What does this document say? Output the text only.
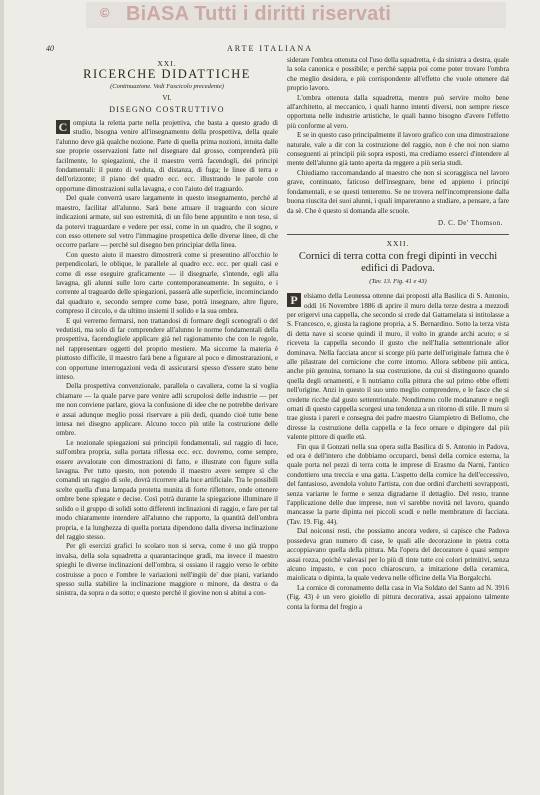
© BiASA Tutti i diritti riservati
40	ARTE ITALIANA
XXI.
RICERCHE DIDATTICHE
(Continuazione. Vedi Fascicolo precedente)
VI.
DISEGNO COSTRUTTIVO

C ompiuta la reletta parte nella projettiva, che basta a questo grado di studio, bisogna venire all'insegnamento della prospettiva, della quale l'alunno deve già qualche nozione. Parte di quella prima nozioni, intuita dalle sue proprie osservazioni fatte nel disegnare dal grosso, comprenderà più facilmente, lo spiegazioni, che il maestro verrà facendogli, dei principi fondamentali: il punto di veduta, di distanza, di fuga; le linee di terra e dell'orizzonte; il piano del quadro ecc. ecc. illustrando le parole con opportune dimostrazioni sulla lavagna, e con l'aiuto del traguardo.

Del quale converrà usare largamente in questo insegnamento, perché al maestro, facilitar all'alunno. Sarà bene attuare il traguardo con sicure indicazioni armate, sul suo estremità, di un filo bene appuntito e non teso, sì da potervi traguardare e vedere per essi, come in un quadro, che il sogno, e con esso ottenere sul vetro l'immagine prospettica delle diverse linee, di che occorre parlare — perchè sul disegno ben principiar della linea.

Con questo aiuto il maestro dimostrerà come si presentino all'occhio le perpendicolari, le oblique, le parallele al quadro ecc. ecc. per quali casi e come di esse eseguire graficamente — il disegnarle, s'intende, egli alla lavagna, gli alunni sulle loro carte contemporaneamente. In seguito, e i corrente al traguardo delle spiegazioni, passerà alle superficie, incominciando dal quadrato e, secondo sempre come base, potrà insegnare, altre figure, compreso il circolo, e da ultimo insiemi il solido e la sua ombra.

E qui verremo fermarsi, non trattandosi di formare degli scenografi o del vedutisti, ma solo di far comprendere all'alunno le norme fondamentali della prospettiva, facendogliele applicare già nel ragionamento che con le regole, nel rappresentare oggetti del proprio mestiere. Ma siccome la materia è piuttosto difficile, il maestro farà bene a figurare al poco e dimostrarazioni, e con opportune interrogazioni veda di assicurarsi spesso d'essere stato bene inteso.

Della prospettiva convenzionale, parallela o cavaliera, come la si voglia chiamare — la quale parve pare venire adli scrupolosi delle industrie — per me non conviene parlare, giova la confusione di idee che ne potrebbe derivare e assai adunque meglio possi riservare a più dedi, quando cioè tutte bene intesa nei disegno applicare. Alcuno tocco più utile la costruzione delle ombre.

Le nozionale spiegazioni sui principii fondamentali, sul raggio di luce, sull'ombra propria, sulla portata riflessa ecc. ecc. dovremo, come sempre, essere avvalorate con dimostrazioni di fatto, e illustrate con figure sulla lavagna. Per tutto questo, non potendo il maestro avere sempre sì che comandi un raggio di sole, dovrà ricorrere alla luce artificiale. Tra le possibili scelte quella d'una lampada protetta munita di forte riflettore, onde ottenere ombre bene spiegate e decise. Così potrà durante la spiegazione illuminare il solido o il gruppo di solidi sotto differenti inclinazioni di raggio, e fare per tal modo chiaramente intendere all'alunno che rapporto, la quantità dell'ombra propria, e la lunghezza di quella portata dipendono dalla diversa inclinazione del raggio stesso.

Per gli esercizi grafici lo scolaro non si serva, come è uso già troppo invalsa, della sola squadretta a quarantacinque gradi, ma invece il maestro spieghi le diverse inclinazioni dell'ombra, si ossiano il raggio verso le orbite costruisse a poco e l'ombre le variazioni nell'ingiù de' due piani, variando spesso sulla stabilire la inclinazione maggiore o minore, da destra o da sinistra, da sopra o da sotto; e questo perchè il giovine non si abitui a con-

siderare l'ombra ottenuta col l'uso della squadretta, è da sinistra a destra, quale la sola canonica e possibile; e perchè sappia poi come poter trovare l'ombra che meglio desidera, e più corrispondente all'effetto che vuole ottenere dal proprio lavoro.

L'ombra ottenuta dalla squadretta, mentre può servire molto bene all'architetto, al meccanico, i quali hanno intenti diversi, non sempre riesce opportuna nelle industrie artistiche, le quali hanno bisogno d'avere l'effetto più conforme al vero.

E se in questo caso principalmente il lavoro grafico con una dimostrazione naturale, vale a dir con la costruzione del raggio, non è che noi non siamo conseguenti ai principii più sopra esposti, ma crediamo esserci d'intendere al mente dell'alunno già tanto aperta da reggere a più seria studi.

Chiudiamo raccomandando al maestro che non si scoraggisca nel lavoro grave, continuato, faticoso dell'insegnare, bene ed appieno i principi fondamentali, e se questi tenteremo. Se ne trovera nell'incomprensione dalla buona riuscita dei suoi alunni, i quali impareranno a studiare, a pensare, a fare da sè. Che è questo si domanda alle scuole.

D. C. De' Thomson.
XXII.
Cornici di terra cotta con fregi dipinti in vecchi edifici di Padova.
(Tav. 13. Fig. 41 e 43)

P elsiamo della Leonessa ottenne dai proposti alla Basilica di S. Antonio, oddì 16 Novembre 1886 di aprire il muro della terze destra a mezzodì per erigervi una cappella, che secondo si crede dal Gattamelata si intitolasse a S. Francesco, e, giusta la ragione propria, a S. Bernardino. Sotto la terza vista di detta nave si scorse quindi il muro, il volto in grande archi acuto; e si riceveta la cappella secondo il gusto che nell'Italia settentrionale allor dominava. Nella facciata ancor si scorge più parte dell'originale fattura che è alle pilastrate del cornicione che corre intorno. Allora sebbene più antica, anche più genuina, tornano la sua costruzione, da cui si distinguono quando quella degli ornamenti, e li nutriamo colla pittura che sul primo ebbe effetti nell'origine. Anzi in questo il suo unto meglio comprendere, e le fasce che si credette ricche dal gusto settentrionale. Nondimeno colle modanature e negli ornati di questo cappella scorgesi una tendenza a un ritorno di stile. Il muro si trae giusta i pareri e consegna dei padre maestro Giampietro di Bellomo, che diresse la costruzione della cappella e la fece ornare e dipingere dal più valente pittore di quelle età.

Fin qua il Gonzati nella sua opera sulla Basilica di S. Antonio in Padova, ed ora è dell'intero che dobbiamo occuparci, bensì della cornice esterna, la quale porta nel pezzi di terra cotta le imprese di Erasmo da Narni, l'antico condottiero una treccia e una gatta. L'aspetto della cornice ha dell'eccessivo, del fantasioso, avendola voluto l'artista, con due ordini d'archetti sovrapposti, senza variarne le forme e senza digradarne il dettaglio. Del resto, tranne l'applicazione delle due imprese, non vi sarebbe novità nel lavoro, quando mancasse la parte dipinta nei piccoli scudi e nelle membrature di facciata. (Tav. 19. Fig. 44).

Dal noiconsi resti, che possiamo ancora vedere, si capisce che Padova possedeva gran numero di case, le quali alle decorazione in pietra cotta accoppiavano quella della pittura. Ma l'opera del decoratore è quasi sempre assai rozza, poichè valevasi per lo più di tinte tutte coi colori primitivi, senza alcuno impasto, e con poco chiaroscuro, a imitazione della ceramica, maiolicata o dipinta, la quale vedeva nelle officine della Via Borgalcchi.

La cornice di coronamento della casa in Via Soldato del Santo ad N. 3916 (Fig. 43) è un vero gioiello di pittura decorativa, assai appaiono talmente conta la forma del fregio a
